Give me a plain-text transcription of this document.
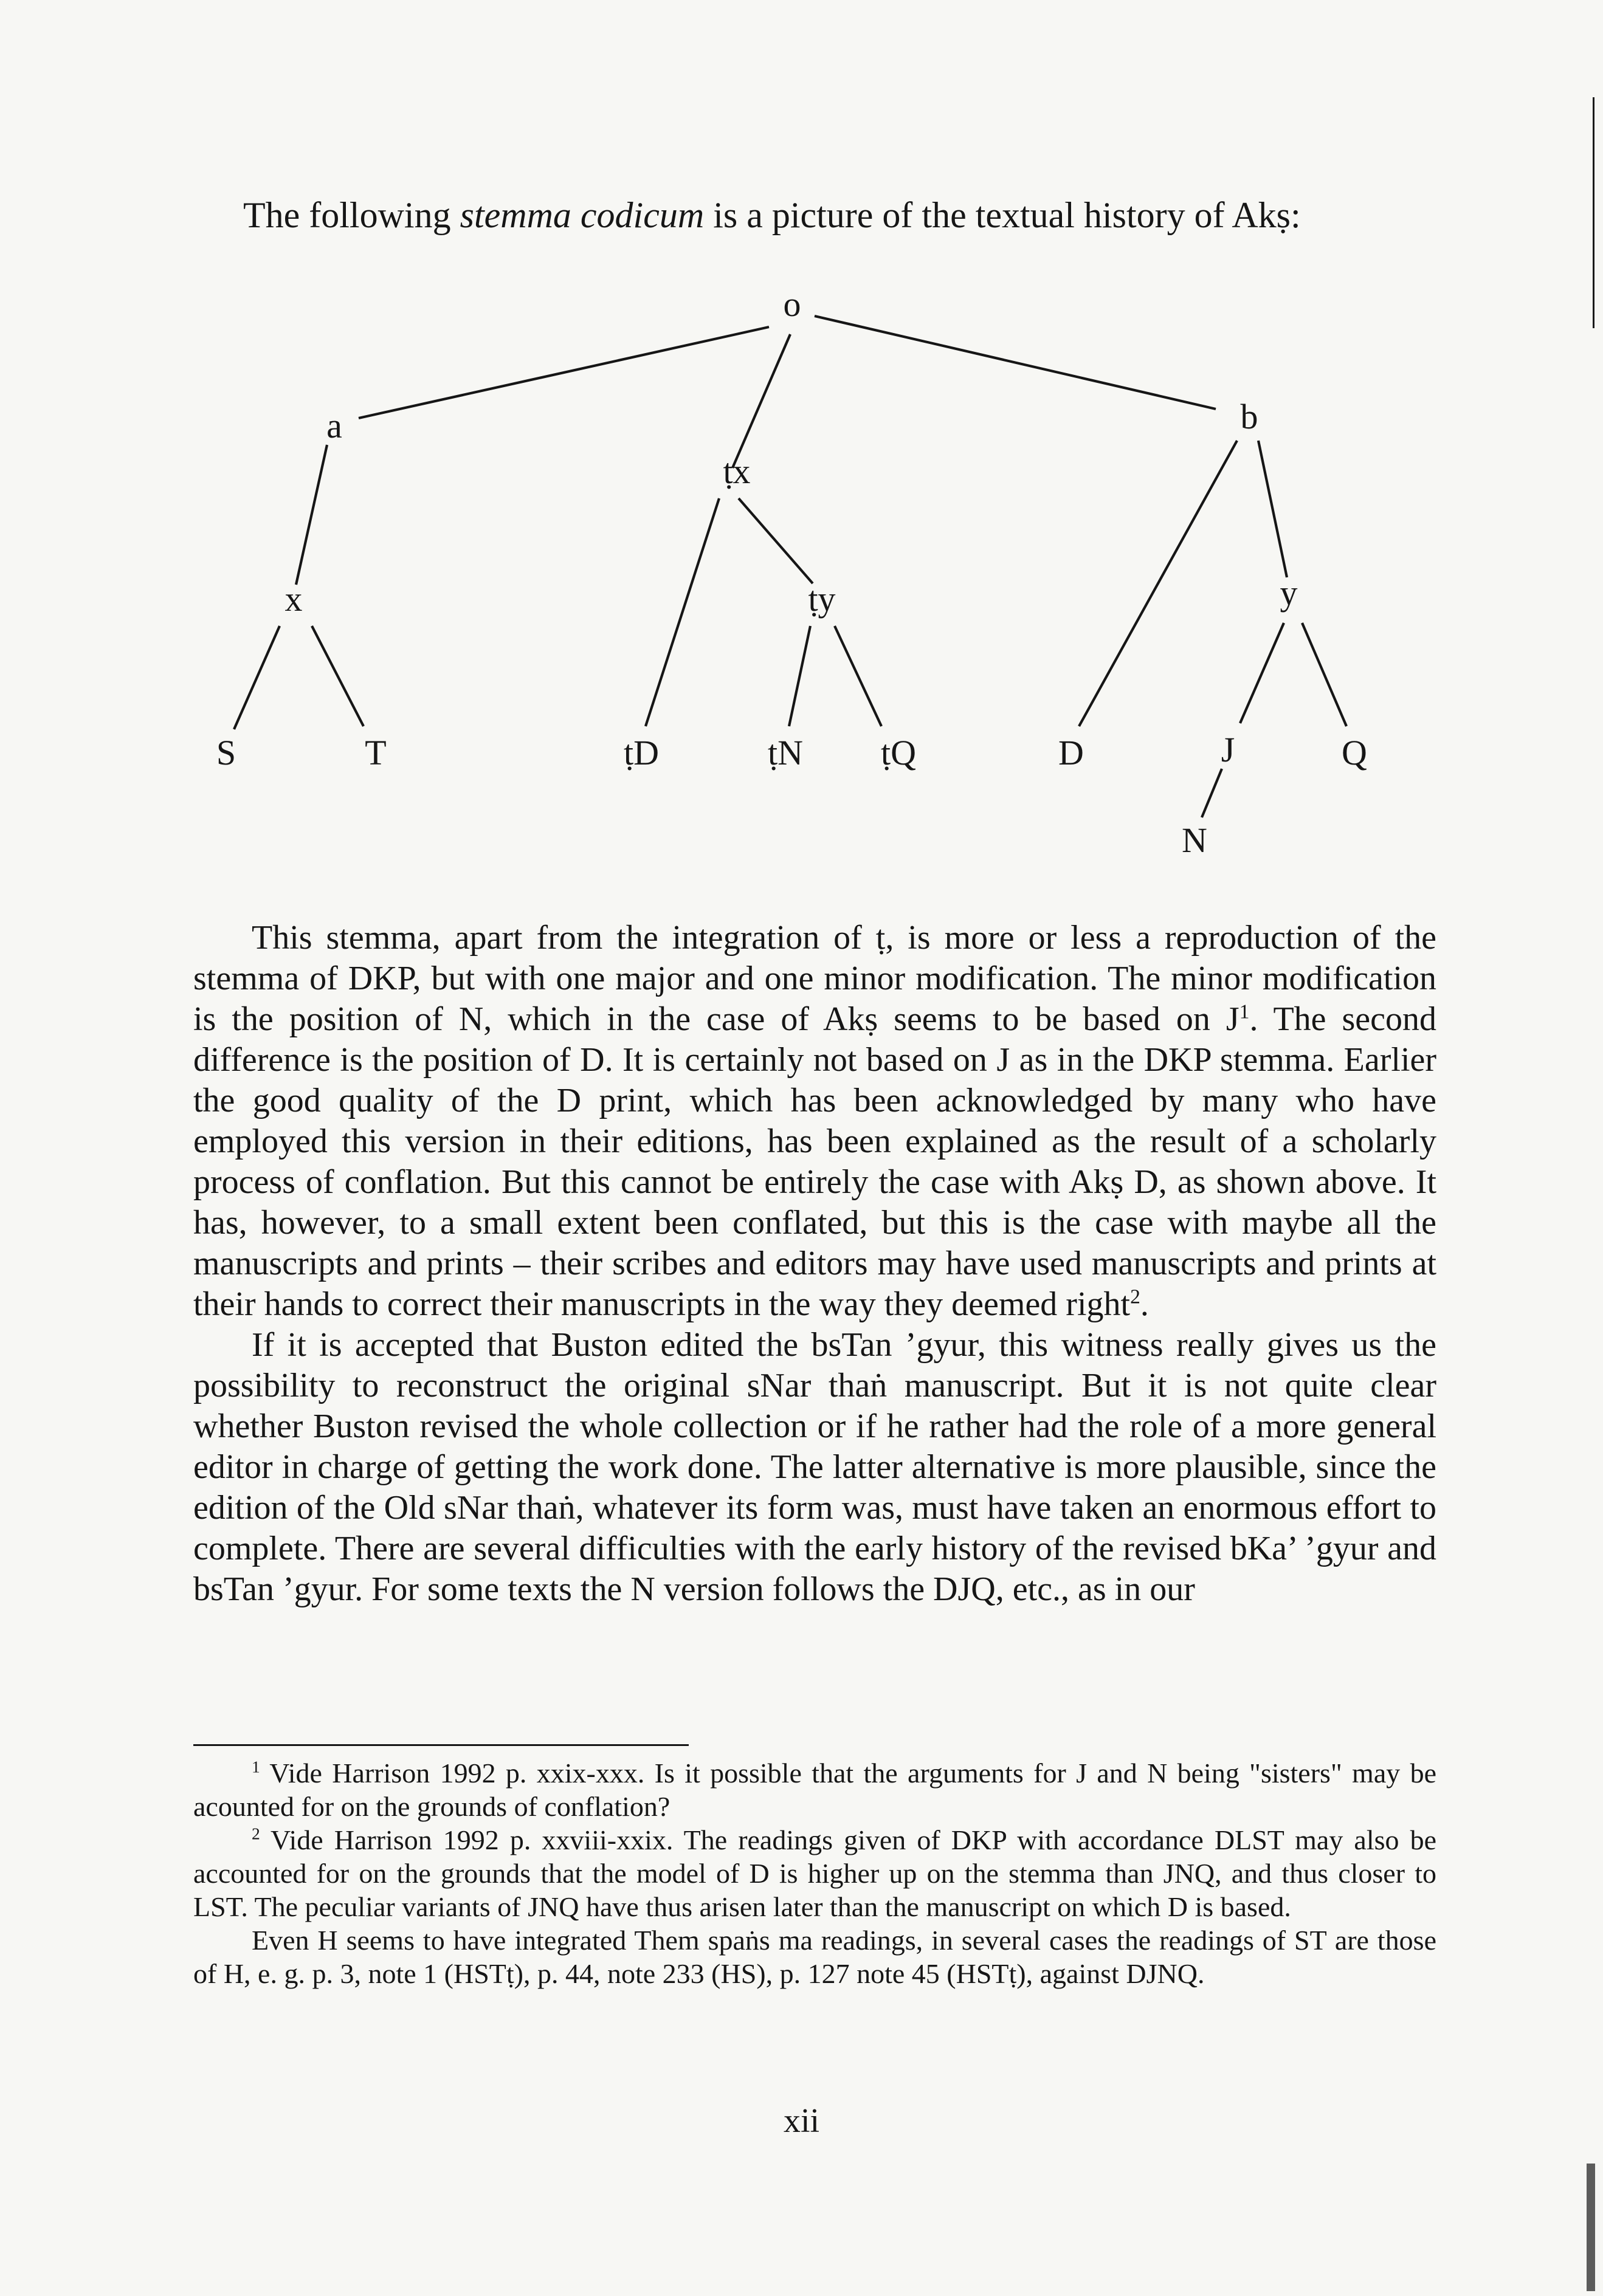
The following stemma codicum is a picture of the textual history of Akṣ:
o
a
ṭx
b
x	ṭy	y
S	T	ṭD	ṭN ṭQ	D	J	Q
N

This stemma, apart from the integration of ṭ, is more or less a reproduction of the stemma of DKP, but with one major and one minor modification. The minor modification is the position of N, which in the case of Akṣ seems to be based on $J^1$. The second difference is the position of D. It is certainly not based on J as in the DKP stemma. Earlier the good quality of the D print, which has been acknowledged by many who have employed this version in their editions, has been explained as the result of a scholarly process of conflation. But this cannot be entirely the case with Akṣ D, as shown above. It has, however, to a small extent been conflated, but this is the case with maybe all the manuscripts and prints – their scribes and editors may have used manuscripts and prints at their hands to correct their manuscripts in the way they deemed right$^2$.

If it is accepted that Buston edited the bsTan ’gyur, this witness really gives us the possibility to reconstruct the original sNar thaṅ manuscript. But it is not quite clear whether Buston revised the whole collection or if he rather had the role of a more general editor in charge of getting the work done. The latter alternative is more plausible, since the edition of the Old sNar thaṅ, whatever its form was, must have taken an enormous effort to complete. There are several difficulties with the early history of the revised bKa’ ’gyur and bsTan ’gyur. For some texts the N version follows the DJQ, etc., as in our

$^1$ Vide Harrison 1992 p. xxix-xxx. Is it possible that the arguments for J and N being "sisters" may be acounted for on the grounds of conflation?

$^2$ Vide Harrison 1992 p. xxviii-xxix. The readings given of DKP with accordance DLST may also be accounted for on the grounds that the model of D is higher up on the stemma than JNQ, and thus closer to LST. The peculiar variants of JNQ have thus arisen later than the manuscript on which D is based.

Even H seems to have integrated Them spaṅs ma readings, in several cases the readings of ST are those of H, e. g. p. 3, note 1 (HSTṭ), p. 44, note 233 (HS), p. 127 note 45 (HSTṭ), against DJNQ.

xii
